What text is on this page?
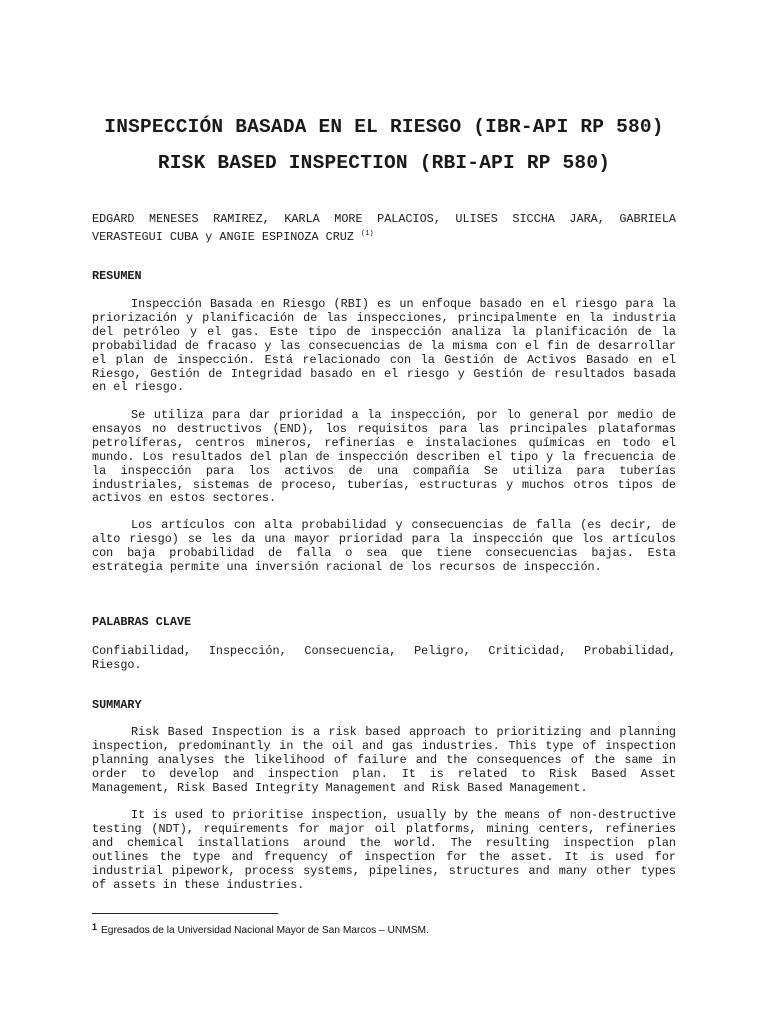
INSPECCIÓN BASADA EN EL RIESGO (IBR-API RP 580)
RISK BASED INSPECTION (RBI-API RP 580)
EDGARD MENESES RAMIREZ, KARLA MORE PALACIOS, ULISES SICCHA JARA, GABRIELA VERASTEGUI CUBA y ANGIE ESPINOZA CRUZ $^{(1)}$
RESUMEN

Inspección Basada en Riesgo (RBI) es un enfoque basado en el riesgo para la priorización y planificación de las inspecciones, principalmente en la industria del petróleo y el gas. Este tipo de inspección analiza la planificación de la probabilidad de fracaso y las consecuencias de la misma con el fin de desarrollar el plan de inspección. Está relacionado con la Gestión de Activos Basado en el Riesgo, Gestión de Integridad basado en el riesgo y Gestión de resultados basada en el riesgo.

Se utiliza para dar prioridad a la inspección, por lo general por medio de ensayos no destructivos (END), los requisitos para las principales plataformas petrolíferas, centros mineros, refinerías e instalaciones químicas en todo el mundo. Los resultados del plan de inspección describen el tipo y la frecuencia de la inspección para los activos de una compañía Se utiliza para tuberías industriales, sistemas de proceso, tuberías, estructuras y muchos otros tipos de activos en estos sectores.

Los artículos con alta probabilidad y consecuencias de falla (es decir, de alto riesgo) se les da una mayor prioridad para la inspección que los artículos con baja probabilidad de falla o sea que tiene consecuencias bajas. Esta estrategia permite una inversión racional de los recursos de inspección.

PALABRAS CLAVE

Confiabilidad, Inspección, Consecuencia, Peligro, Criticidad, Probabilidad, Riesgo.

SUMMARY

Risk Based Inspection is a risk based approach to prioritizing and planning inspection, predominantly in the oil and gas industries. This type of inspection planning analyses the likelihood of failure and the consequences of the same in order to develop and inspection plan. It is related to Risk Based Asset Management, Risk Based Integrity Management and Risk Based Management.

It is used to prioritise inspection, usually by the means of non-destructive testing (NDT), requirements for major oil platforms, mining centers, refineries and chemical installations around the world. The resulting inspection plan outlines the type and frequency of inspection for the asset. It is used for industrial pipework, process systems, pipelines, structures and many other types of assets in these industries.

$^1$ Egresados de la Universidad Nacional Mayor de San Marcos – UNMSM.
